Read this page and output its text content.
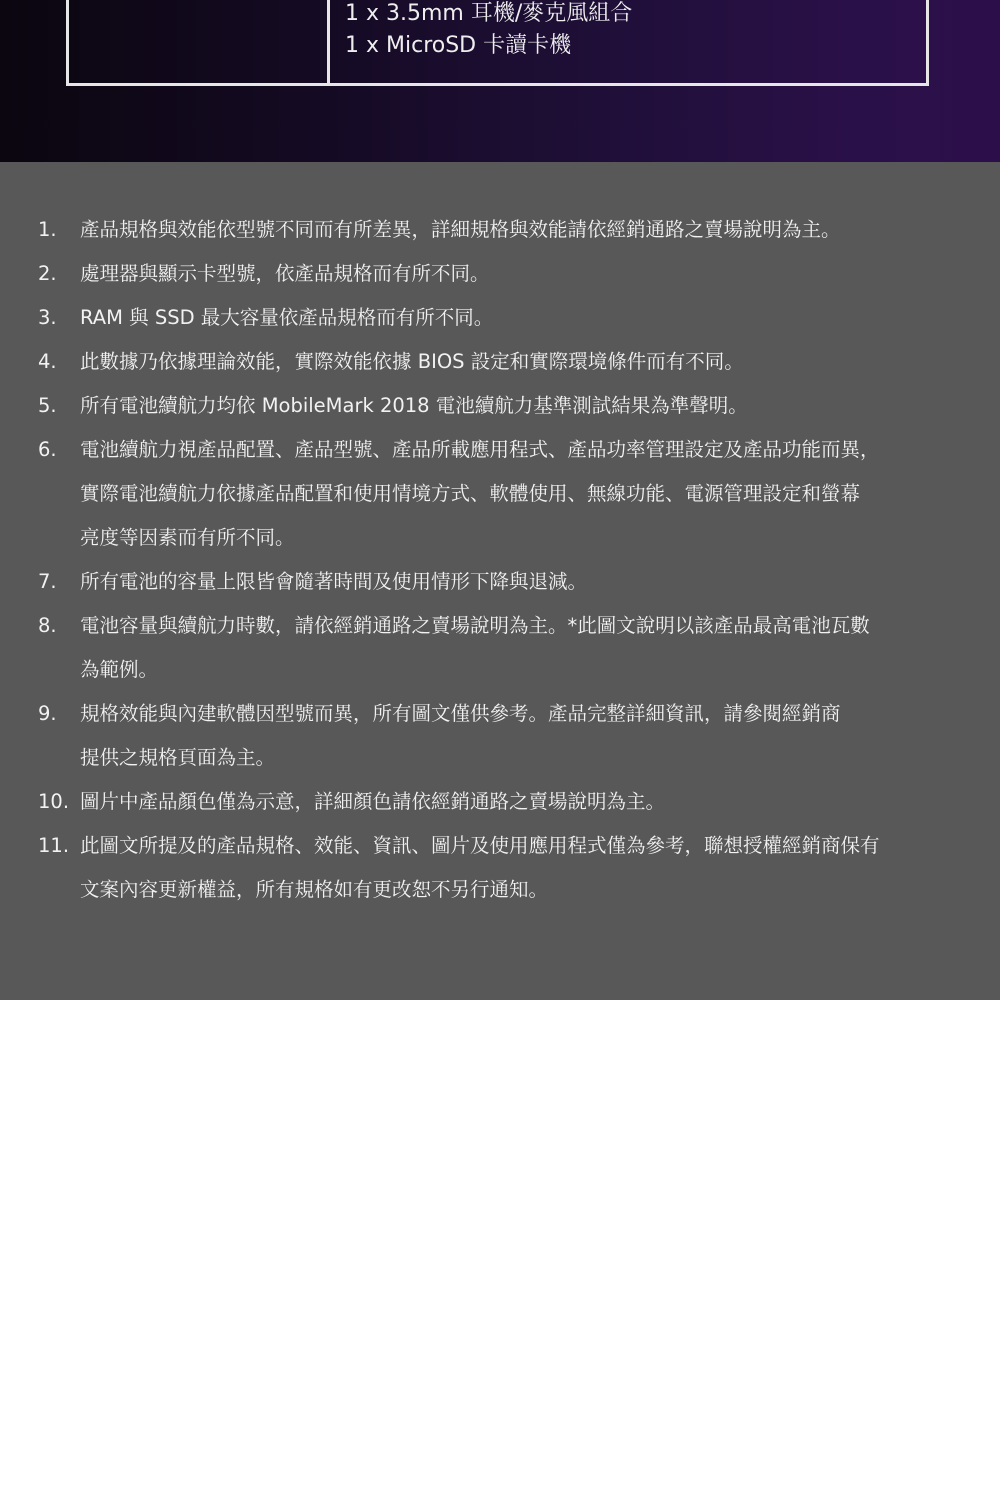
1 x 3.5mm 耳機/麥克風組合
1 x MicroSD 卡讀卡機
1.	產品規格與效能依型號不同而有所差異，詳細規格與效能請依經銷通路之賣場說明為主。
2.	處理器與顯示卡型號，依產品規格而有所不同。
3.	RAM 與 SSD 最大容量依產品規格而有所不同。
4.	此數據乃依據理論效能，實際效能依據 BIOS 設定和實際環境條件而有不同。
5.	所有電池續航力均依 MobileMark 2018 電池續航力基準測試結果為準聲明。
6.	電池續航力視產品配置、產品型號、產品所載應用程式、產品功率管理設定及產品功能而異，
實際電池續航力依據產品配置和使用情境方式、軟體使用、無線功能、電源管理設定和螢幕
亮度等因素而有所不同。
7.	所有電池的容量上限皆會隨著時間及使用情形下降與退減。
8.	電池容量與續航力時數，請依經銷通路之賣場說明為主。*此圖文說明以該產品最高電池瓦數
為範例。
9.	規格效能與內建軟體因型號而異，所有圖文僅供參考。產品完整詳細資訊，請參閱經銷商
提供之規格頁面為主。
10. 圖片中產品顏色僅為示意，詳細顏色請依經銷通路之賣場說明為主。
11. 此圖文所提及的產品規格、效能、資訊、圖片及使用應用程式僅為參考，聯想授權經銷商保有
文案內容更新權益，所有規格如有更改恕不另行通知。
